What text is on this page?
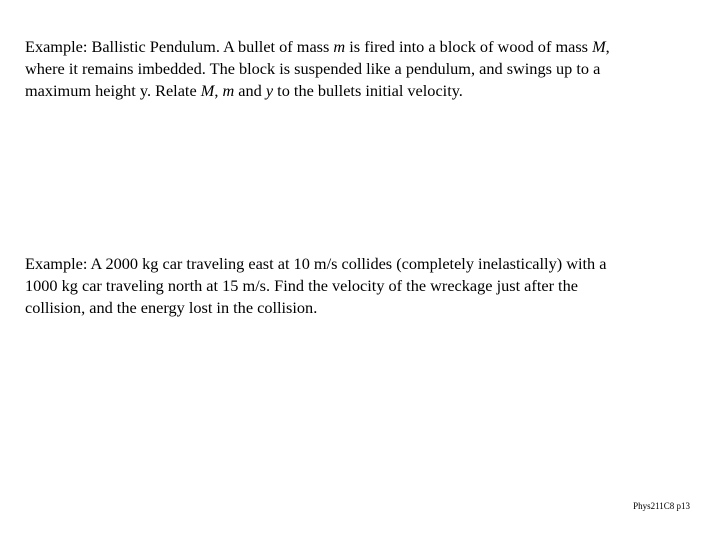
Example: Ballistic Pendulum. A bullet of mass m is fired into a block of wood of mass M,
where it remains imbedded. The block is suspended like a pendulum, and swings up to a
maximum height y. Relate M, m and y to the bullets initial velocity.
Example: A 2000 kg car traveling east at 10 m/s collides (completely inelastically) with a
1000 kg car traveling north at 15 m/s. Find the velocity of the wreckage just after the
collision, and the energy lost in the collision.
Phys211C8 p13
